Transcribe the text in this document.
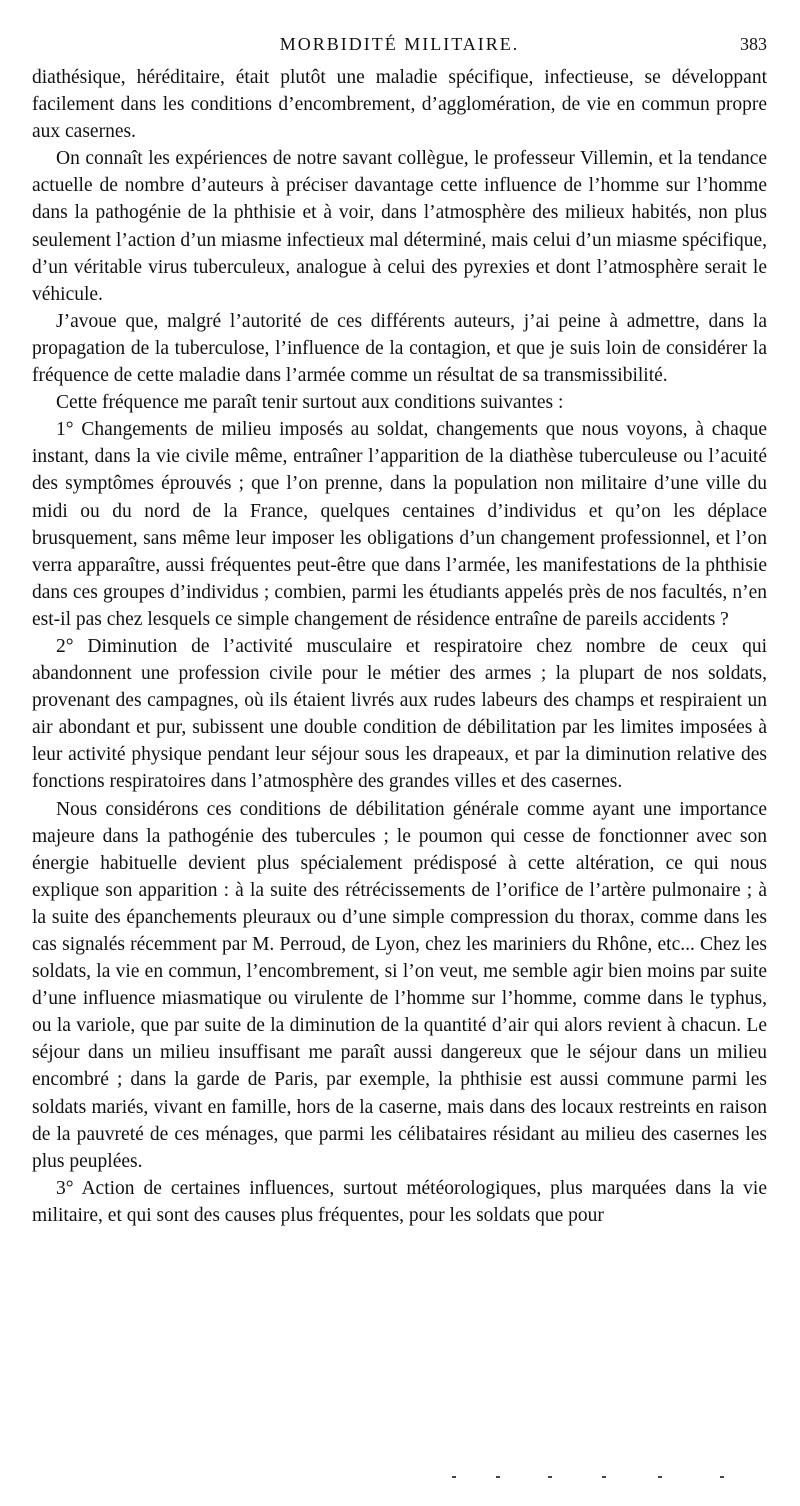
MORBIDITÉ MILITAIRE.	383

diathésique, héréditaire, était plutôt une maladie spécifique, infectieuse, se développant facilement dans les conditions d’encombrement, d’agglomération, de vie en commun propre aux casernes.

On connaît les expériences de notre savant collègue, le professeur Villemin, et la tendance actuelle de nombre d’auteurs à préciser davantage cette influence de l’homme sur l’homme dans la pathogénie de la phthisie et à voir, dans l’atmosphère des milieux habités, non plus seulement l’action d’un miasme infectieux mal déterminé, mais celui d’un miasme spécifique, d’un véritable virus tuberculeux, analogue à celui des pyrexies et dont l’atmosphère serait le véhicule.

J’avoue que, malgré l’autorité de ces différents auteurs, j’ai peine à admettre, dans la propagation de la tuberculose, l’influence de la contagion, et que je suis loin de considérer la fréquence de cette maladie dans l’armée comme un résultat de sa transmissibilité.

Cette fréquence me paraît tenir surtout aux conditions suivantes :

1° Changements de milieu imposés au soldat, changements que nous voyons, à chaque instant, dans la vie civile même, entraîner l’apparition de la diathèse tuberculeuse ou l’acuité des symptômes éprouvés ; que l’on prenne, dans la population non militaire d’une ville du midi ou du nord de la France, quelques centaines d’individus et qu’on les déplace brusquement, sans même leur imposer les obligations d’un changement professionnel, et l’on verra apparaître, aussi fréquentes peut-être que dans l’armée, les manifestations de la phthisie dans ces groupes d’individus ; combien, parmi les étudiants appelés près de nos facultés, n’en est-il pas chez lesquels ce simple changement de résidence entraîne de pareils accidents ?

2° Diminution de l’activité musculaire et respiratoire chez nombre de ceux qui abandonnent une profession civile pour le métier des armes ; la plupart de nos soldats, provenant des campagnes, où ils étaient livrés aux rudes labeurs des champs et respiraient un air abondant et pur, subissent une double condition de débilitation par les limites imposées à leur activité physique pendant leur séjour sous les drapeaux, et par la diminution relative des fonctions respiratoires dans l’atmosphère des grandes villes et des casernes.

Nous considérons ces conditions de débilitation générale comme ayant une importance majeure dans la pathogénie des tubercules ; le poumon qui cesse de fonctionner avec son énergie habituelle devient plus spécialement prédisposé à cette altération, ce qui nous explique son apparition : à la suite des rétrécissements de l’orifice de l’artère pulmonaire ; à la suite des épanchements pleuraux ou d’une simple compression du thorax, comme dans les cas signalés récemment par M. Perroud, de Lyon, chez les mariniers du Rhône, etc... Chez les soldats, la vie en commun, l’encombrement, si l’on veut, me semble agir bien moins par suite d’une influence miasmatique ou virulente de l’homme sur l’homme, comme dans le typhus, ou la variole, que par suite de la diminution de la quantité d’air qui alors revient à chacun. Le séjour dans un milieu insuffisant me paraît aussi dangereux que le séjour dans un milieu encombré ; dans la garde de Paris, par exemple, la phthisie est aussi commune parmi les soldats mariés, vivant en famille, hors de la caserne, mais dans des locaux restreints en raison de la pauvreté de ces ménages, que parmi les célibataires résidant au milieu des casernes les plus peuplées.

3° Action de certaines influences, surtout météorologiques, plus marquées dans la vie militaire, et qui sont des causes plus fréquentes, pour les soldats que pour
